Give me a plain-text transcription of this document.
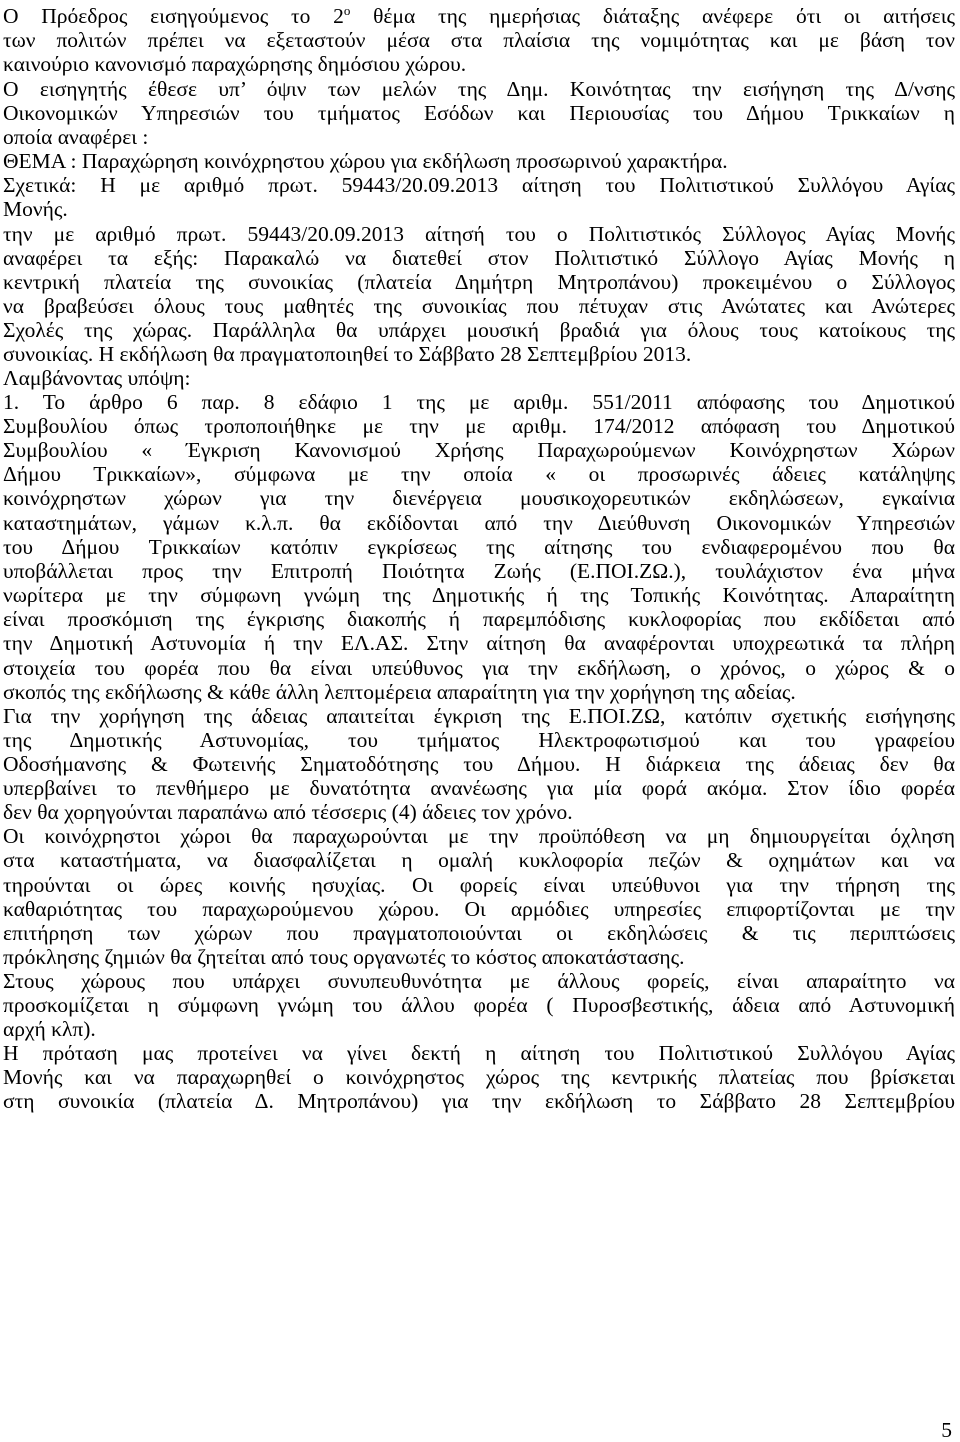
Ο Πρόεδρος εισηγούμενος το $2^o$ θέμα της ημερήσιας διάταξης ανέφερε ότι οι αιτήσεις
των πολιτών πρέπει να εξεταστούν μέσα στα πλαίσια της νομιμότητας και με βάση τον
καινούριο κανονισμό παραχώρησης δημόσιου χώρου.
Ο εισηγητής έθεσε υπ’ όψιν των μελών της Δημ. Κοινότητας την εισήγηση της Δ/νσης
Οικονομικών Υπηρεσιών του τμήματος Εσόδων και Περιουσίας του Δήμου Τρικκαίων η
οποία αναφέρει :
ΘΕΜΑ : Παραχώρηση κοινόχρηστου χώρου για εκδήλωση προσωρινού χαρακτήρα.
Σχετικά: Η με αριθμό πρωτ. 59443/20.09.2013 αίτηση του Πολιτιστικού Συλλόγου Αγίας
Μονής.
την με αριθμό πρωτ. 59443/20.09.2013 αίτησή του ο Πολιτιστικός Σύλλογος Αγίας Μονής
αναφέρει τα εξής: Παρακαλώ να διατεθεί στον Πολιτιστικό Σύλλογο Αγίας Μονής η
κεντρική πλατεία της συνοικίας (πλατεία Δημήτρη Μητροπάνου) προκειμένου ο Σύλλογος
να βραβεύσει όλους τους μαθητές της συνοικίας που πέτυχαν στις Ανώτατες και Ανώτερες
Σχολές της χώρας. Παράλληλα θα υπάρχει μουσική βραδιά για όλους τους κατοίκους της
συνοικίας. Η εκδήλωση θα πραγματοποιηθεί το Σάββατο 28 Σεπτεμβρίου 2013.
Λαμβάνοντας υπόψη:
1. Το άρθρο 6 παρ. 8 εδάφιο 1 της με αριθμ. 551/2011 απόφασης του Δημοτικού
Συμβουλίου όπως τροποποιήθηκε με την με αριθμ. 174/2012 απόφαση του Δημοτικού
Συμβουλίου « Έγκριση Κανονισμού Χρήσης Παραχωρούμενων Κοινόχρηστων Χώρων
Δήμου Τρικκαίων», σύμφωνα με την οποία « οι προσωρινές άδειες κατάληψης
κοινόχρηστων χώρων για την διενέργεια μουσικοχορευτικών εκδηλώσεων, εγκαίνια
καταστημάτων, γάμων κ.λ.π. θα εκδίδονται από την Διεύθυνση Οικονομικών Υπηρεσιών
του Δήμου Τρικκαίων κατόπιν εγκρίσεως της αίτησης του ενδιαφερομένου που θα
υποβάλλεται προς την Επιτροπή Ποιότητα Ζωής (Ε.ΠΟΙ.ΖΩ.), τουλάχιστον ένα μήνα
νωρίτερα με την σύμφωνη γνώμη της Δημοτικής ή της Τοπικής Κοινότητας. Απαραίτητη
είναι προσκόμιση της έγκρισης διακοπής ή παρεμπόδισης κυκλοφορίας που εκδίδεται από
την Δημοτική Αστυνομία ή την ΕΛ.ΑΣ. Στην αίτηση θα αναφέρονται υποχρεωτικά τα πλήρη
στοιχεία του φορέα που θα είναι υπεύθυνος για την εκδήλωση, ο χρόνος, ο χώρος & ο
σκοπός της εκδήλωσης & κάθε άλλη λεπτομέρεια απαραίτητη για την χορήγηση της αδείας.
Για την χορήγηση της άδειας απαιτείται έγκριση της Ε.ΠΟΙ.ΖΩ, κατόπιν σχετικής εισήγησης
της Δημοτικής Αστυνομίας, του τμήματος Ηλεκτροφωτισμού και του γραφείου
Οδοσήμανσης & Φωτεινής Σηματοδότησης του Δήμου. Η διάρκεια της άδειας δεν θα
υπερβαίνει το πενθήμερο με δυνατότητα ανανέωσης για μία φορά ακόμα. Στον ίδιο φορέα
δεν θα χορηγούνται παραπάνω από τέσσερις (4) άδειες τον χρόνο.
Οι κοινόχρηστοι χώροι θα παραχωρούνται με την προϋπόθεση να μη δημιουργείται όχληση
στα καταστήματα, να διασφαλίζεται η ομαλή κυκλοφορία πεζών & οχημάτων και να
τηρούνται οι ώρες κοινής ησυχίας. Οι φορείς είναι υπεύθυνοι για την τήρηση της
καθαριότητας του παραχωρούμενου χώρου. Οι αρμόδιες υπηρεσίες επιφορτίζονται με την
επιτήρηση των χώρων που πραγματοποιούνται οι εκδηλώσεις & τις περιπτώσεις
πρόκλησης ζημιών θα ζητείται από τους οργανωτές το κόστος αποκατάστασης.
Στους χώρους που υπάρχει συνυπευθυνότητα με άλλους φορείς, είναι απαραίτητο να
προσκομίζεται η σύμφωνη γνώμη του άλλου φορέα ( Πυροσβεστικής, άδεια από Αστυνομική
αρχή κλπ).
Η πρόταση μας προτείνει να γίνει δεκτή η αίτηση του Πολιτιστικού Συλλόγου Αγίας
Μονής και να παραχωρηθεί ο κοινόχρηστος χώρος της κεντρικής πλατείας που βρίσκεται
στη συνοικία (πλατεία Δ. Μητροπάνου) για την εκδήλωση το Σάββατο 28 Σεπτεμβρίου
5
